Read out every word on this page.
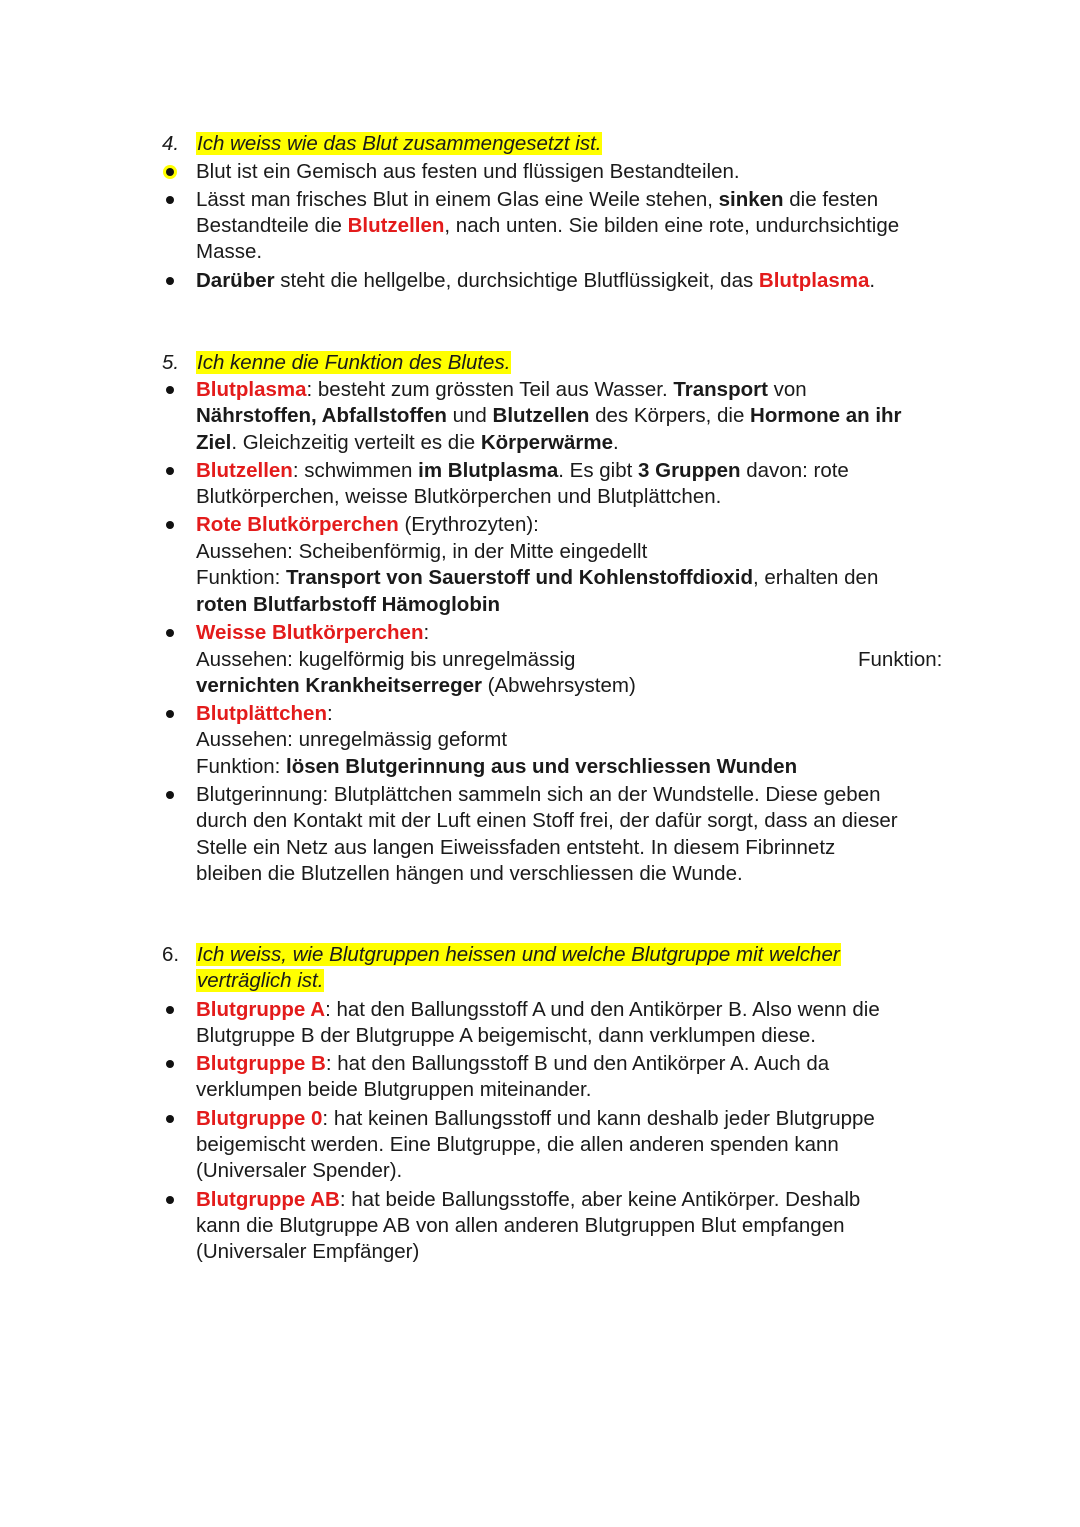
4. Ich weiss wie das Blut zusammengesetzt ist.
Blut ist ein Gemisch aus festen und flüssigen Bestandteilen.
Lässt man frisches Blut in einem Glas eine Weile stehen, sinken die festen
Bestandteile die Blutzellen, nach unten. Sie bilden eine rote, undurchsichtige
Masse.
Darüber steht die hellgelbe, durchsichtige Blutflüssigkeit, das Blutplasma.
5. Ich kenne die Funktion des Blutes.
Blutplasma: besteht zum grössten Teil aus Wasser. Transport von
Nährstoffen, Abfallstoffen und Blutzellen des Körpers, die Hormone an ihr
Ziel. Gleichzeitig verteilt es die Körperwärme.
Blutzellen: schwimmen im Blutplasma. Es gibt 3 Gruppen davon: rote
Blutkörperchen, weisse Blutkörperchen und Blutplättchen.
Rote Blutkörperchen (Erythrozyten):
Aussehen: Scheibenförmig, in der Mitte eingedellt
Funktion: Transport von Sauerstoff und Kohlenstoffdioxid, erhalten den
roten Blutfarbstoff Hämoglobin
Weisse Blutkörperchen:
Aussehen: kugelförmig bis unregelmässig	Funktion:
vernichten Krankheitserreger (Abwehrsystem)
Blutplättchen:
Aussehen: unregelmässig geformt
Funktion: lösen Blutgerinnung aus und verschliessen Wunden
Blutgerinnung: Blutplättchen sammeln sich an der Wundstelle. Diese geben
durch den Kontakt mit der Luft einen Stoff frei, der dafür sorgt, dass an dieser
Stelle ein Netz aus langen Eiweissfaden entsteht. In diesem Fibrinnetz
bleiben die Blutzellen hängen und verschliessen die Wunde.
6. Ich weiss, wie Blutgruppen heissen und welche Blutgruppe mit welcher
verträglich ist.
Blutgruppe A: hat den Ballungsstoff A und den Antikörper B. Also wenn die
Blutgruppe B der Blutgruppe A beigemischt, dann verklumpen diese.
Blutgruppe B: hat den Ballungsstoff B und den Antikörper A. Auch da
verklumpen beide Blutgruppen miteinander.
Blutgruppe 0: hat keinen Ballungsstoff und kann deshalb jeder Blutgruppe
beigemischt werden. Eine Blutgruppe, die allen anderen spenden kann
(Universaler Spender).
Blutgruppe AB: hat beide Ballungsstoffe, aber keine Antikörper. Deshalb
kann die Blutgruppe AB von allen anderen Blutgruppen Blut empfangen
(Universaler Empfänger)
